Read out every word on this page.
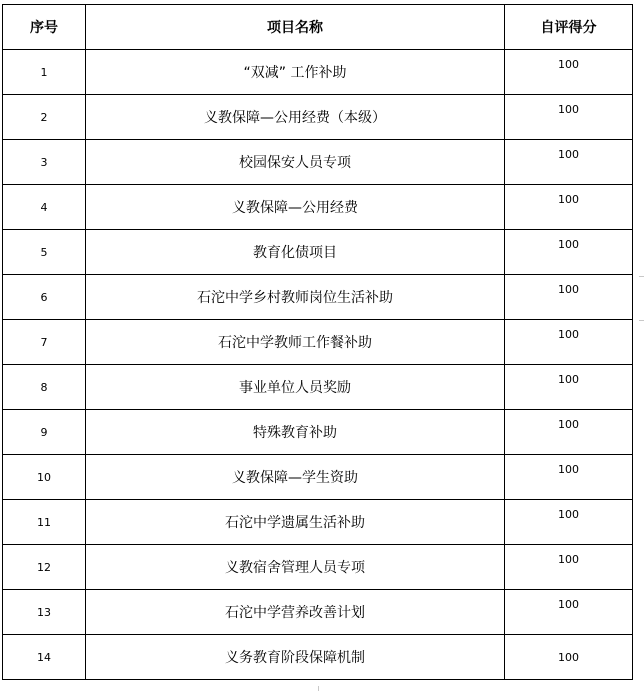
序号	项目名称	自评得分
1	“双减” 工作补助	100
2	义教保障—公用经费（本级）	100
3	校园保安人员专项	100
4	义教保障—公用经费	100
5	教育化债项目	100
6	石沱中学乡村教师岗位生活补助	100
7	石沱中学教师工作餐补助	100
8	事业单位人员奖励	100
9	特殊教育补助	100
10	义教保障—学生资助	100
11	石沱中学遗属生活补助	100
12	义教宿舍管理人员专项	100
13	石沱中学营养改善计划	100
14	义务教育阶段保障机制	100
